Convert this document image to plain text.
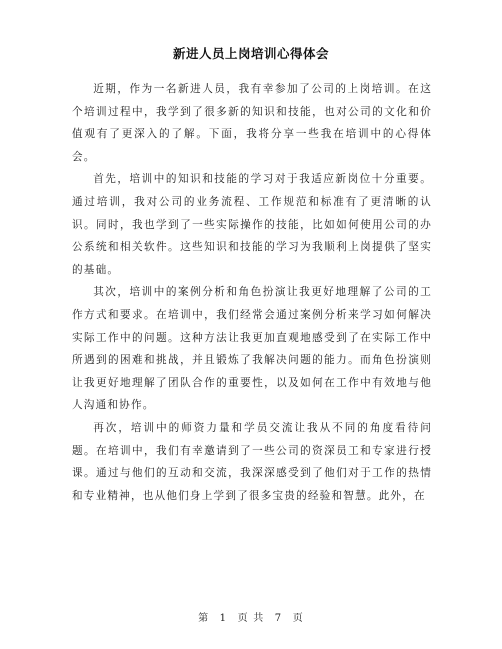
新进人员上岗培训心得体会

近期，作为一名新进人员，我有幸参加了公司的上岗培训。在这个培训过程中，我学到了很多新的知识和技能，也对公司的文化和价值观有了更深入的了解。下面，我将分享一些我在培训中的心得体会。

首先，培训中的知识和技能的学习对于我适应新岗位十分重要。通过培训，我对公司的业务流程、工作规范和标准有了更清晰的认识。同时，我也学到了一些实际操作的技能，比如如何使用公司的办公系统和相关软件。这些知识和技能的学习为我顺利上岗提供了坚实的基础。

其次，培训中的案例分析和角色扮演让我更好地理解了公司的工作方式和要求。在培训中，我们经常会通过案例分析来学习如何解决实际工作中的问题。这种方法让我更加直观地感受到了在实际工作中所遇到的困难和挑战，并且锻炼了我解决问题的能力。而角色扮演则让我更好地理解了团队合作的重要性，以及如何在工作中有效地与他人沟通和协作。

再次，培训中的师资力量和学员交流让我从不同的角度看待问题。在培训中，我们有幸邀请到了一些公司的资深员工和专家进行授课。通过与他们的互动和交流，我深深感受到了他们对于工作的热情和专业精神，也从他们身上学到了很多宝贵的经验和智慧。此外，在

第 1 页 共 7 页
